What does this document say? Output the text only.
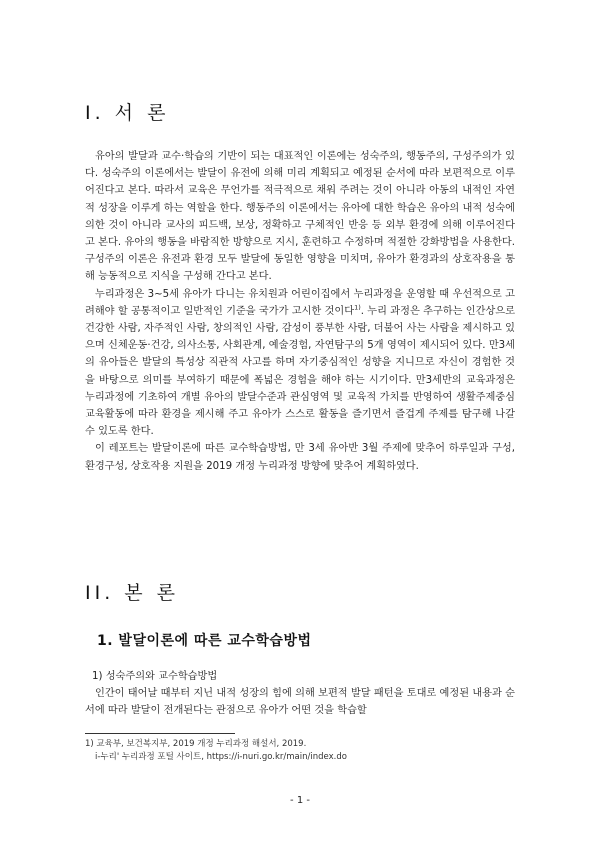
I. 서 론

유아의 발달과 교수·학습의 기반이 되는 대표적인 이론에는 성숙주의, 행동주의, 구성주의가 있다. 성숙주의 이론에서는 발달이 유전에 의해 미리 계획되고 예정된 순서에 따라 보편적으로 이루어진다고 본다. 따라서 교육은 무언가를 적극적으로 채워 주려는 것이 아니라 아동의 내적인 자연적 성장을 이루게 하는 역할을 한다. 행동주의 이론에서는 유아에 대한 학습은 유아의 내적 성숙에 의한 것이 아니라 교사의 피드백, 보상, 정확하고 구체적인 반응 등 외부 환경에 의해 이루어진다고 본다. 유아의 행동을 바람직한 방향으로 지시, 훈련하고 수정하며 적절한 강화방법을 사용한다. 구성주의 이론은 유전과 환경 모두 발달에 동일한 영향을 미치며, 유아가 환경과의 상호작용을 통해 능동적으로 지식을 구성해 간다고 본다.

누리과정은 3~5세 유아가 다니는 유치원과 어린이집에서 누리과정을 운영할 때 우선적으로 고려해야 할 공통적이고 일반적인 기준을 국가가 고시한 것이다$^{1)}$. 누리 과정은 추구하는 인간상으로 건강한 사람, 자주적인 사람, 창의적인 사람, 감성이 풍부한 사람, 더불어 사는 사람을 제시하고 있으며 신체운동·건강, 의사소통, 사회관계, 예술경험, 자연탐구의 5개 영역이 제시되어 있다. 만3세의 유아들은 발달의 특성상 직관적 사고를 하며 자기중심적인 성향을 지니므로 자신이 경험한 것을 바탕으로 의미를 부여하기 때문에 폭넓은 경험을 해야 하는 시기이다. 만3세반의 교육과정은 누리과정에 기초하여 개별 유아의 발달수준과 관심영역 및 교육적 가치를 반영하여 생활주제중심 교육활동에 따라 환경을 제시해 주고 유아가 스스로 활동을 즐기면서 즐겁게 주제를 탐구해 나갈 수 있도록 한다.

이 레포트는 발달이론에 따른 교수학습방법, 만 3세 유아반 3월 주제에 맞추어 하루일과 구성, 환경구성, 상호작용 지원을 2019 개정 누리과정 방향에 맞추어 계획하였다.

II. 본 론
1. 발달이론에 따른 교수학습방법
1) 성숙주의와 교수학습방법

인간이 태어날 때부터 지닌 내적 성장의 힘에 의해 보편적 발달 패턴을 토대로 예정된 내용과 순서에 따라 발달이 전개된다는 관점으로 유아가 어떤 것을 학습할

1) 교육부, 보건복지부, 2019 개정 누리과정 해설서, 2019.
i-누리' 누리과정 포털 사이트, https://i-nuri.go.kr/main/index.do
- 1 -
